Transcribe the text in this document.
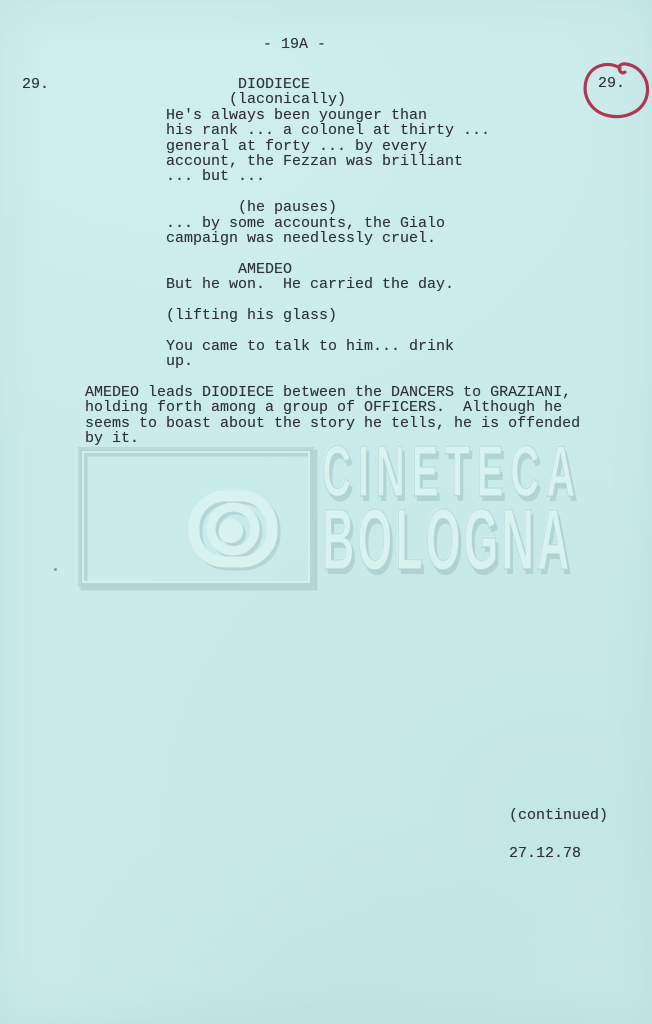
CINETECA
BOLOGNA
- 19A -
29.	29.
DIODIECE
(laconically)
He's always been younger than
his rank ... a colonel at thirty ...
general at forty ... by every
account, the Fezzan was brilliant
... but ...

(he pauses)
... by some accounts, the Gialo
campaign was needlessly cruel.

AMEDEO
But he won.  He carried the day.

(lifting his glass)

You came to talk to him... drink
up.

AMEDEO leads DIODIECE between the DANCERS to GRAZIANI,
holding forth among a group of OFFICERS.  Although he
seems to boast about the story he tells, he is offended
by it.
(continued)
27.12.78
